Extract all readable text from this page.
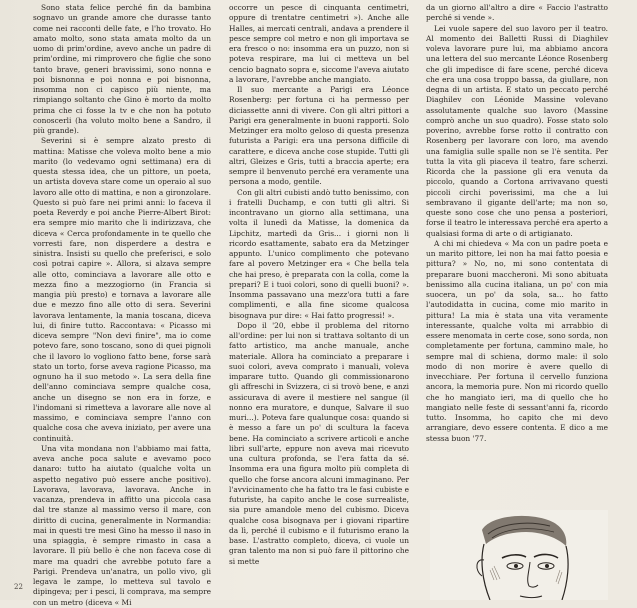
Sono stata felice perché fin da bambina sognavo un grande amore che durasse tanto come nei racconti delle fate, e l'ho trovato. Ho amato molto, sono stata amata molto da un uomo di prim'ordine, avevo anche un padre di prim'ordine, mi rimprovero che figlie che sono tanto brave, generi bravissimi, sono nonna e poi bisnonna e poi nonna e poi bisnonna, insomma non ci capisco più niente, ma rimpiango soltanto che Gino è morto da molto prima che ci fosse la tv e che non ha potuto conoscerli (ha voluto molto bene a Sandro, il più grande).

Severini si è sempre alzato presto di mattina: Matisse che voleva molto bene a mio marito (lo vedevamo ogni settimana) era di questa stessa idea, che un pittore, un poeta, un artista doveva stare come un operaio al suo lavoro alle otto di mattina, e non a gironzolare. Questo si può fare nei primi anni: lo faceva il poeta Reverdy e poi anche Pierre-Albert Birot: era sempre mio marito che li indirizzava, che diceva « Cerca profondamente in te quello che vorresti fare, non disperdere a destra e sinistra. Insisti su quello che preferisci, e solo così potrai capire ». Allora, si alzava sempre alle otto, cominciava a lavorare alle otto e mezza fino a mezzogiorno (in Francia si mangia più presto) e tornava a lavorare alle due e mezzo fino alle otto di sera. Severini lavorava lentamente, la mania toscana, diceva lui, di finire tutto. Raccontava: « Picasso mi diceva sempre "Non devi finire", ma io come potevo fare, sono toscano, sono di quei pignoli che il lavoro lo vogliono fatto bene, forse sarà stato un torto, forse aveva ragione Picasso, ma ognuno ha il suo metodo ». La sera della fine dell'anno cominciava sempre qualche cosa, anche un disegno se non era in forze, e l'indomani si rimetteva a lavorare alle nove al massimo, e cominciava sempre l'anno con qualche cosa che aveva iniziato, per avere una continuità.

Una vita mondana non l'abbiamo mai fatta, aveva anche poca salute e avevamo poco danaro: tutto ha aiutato (qualche volta un aspetto negativo può essere anche positivo). Lavorava, lavorava, lavorava. Anche in vacanza, prendeva in affitto una piccola casa dal tre stanze al massimo verso il mare, con diritto di cucina, generalmente in Normandia: mai in questi tre mesi Gino ha messo il naso in una spiaggia, è sempre rimasto in casa a lavorare. Il più bello è che non faceva cose di mare ma quadri che avrebbe potuto fare a Parigi. Prendeva un'anatra, un pollo vivo, gli legava le zampe, lo metteva sul tavolo e dipingeva; per i pesci, li comprava, ma sempre con un metro (diceva « Mi

occorre un pesce di cinquanta centimetri, oppure di trentatre centimetri »). Anche alle Halles, ai mercati centrali, andava a prendere il pesce sempre col metro e non gli importava se era fresco o no: insomma era un puzzo, non si poteva respirare, ma lui ci metteva un bel cencio bagnato sopra e, siccome l'aveva aiutato a lavorare, l'avrebbe anche mangiato.

Il suo mercante a Parigi era Léonce Rosenberg: per fortuna ci ha permesso per diciassette anni di vivere. Con gli altri pittori a Parigi era generalmente in buoni rapporti. Solo Metzinger era molto geloso di questa presenza futurista a Parigi: era una persona difficile di carattere, e diceva anche cose stupide. Tutti gli altri, Gleizes e Gris, tutti a braccia aperte; era sempre il benvenuto perché era veramente una persona a modo, gentile.

Con gli altri cubisti andò tutto benissimo, con i fratelli Duchamp, e con tutti gli altri. Si incontravano un giorno alla settimana, una volta il lunedì da Matisse, la domenica da Lipchitz, martedì da Gris... i giorni non li ricordo esattamente, sabato era da Metzinger appunto. L'unico complimento che potevano fare al povero Metzinger era « Che bella tela che hai preso, è preparata con la colla, come la prepari? E i tuoi colori, sono di quelli buoni? ». Insomma passavano una mezz'ora tutti a fare complimenti, e alla fine sicome qualcosa bisognava pur dire: « Hai fatto progressi! ».

Dopo il '20, ebbe il problema del ritorno all'ordine: per lui non si trattava soltanto di un fatto artistico, ma anche manuale, anche materiale. Allora ha cominciato a preparare i suoi colori, aveva comprato i manuali, voleva imparare tutto. Quando gli commissionarono gli affreschi in Svizzera, ci si trovò bene, e anzi assicurava di avere il mestiere nel sangue (il nonno era muratore, e dunque, Salvare il suo muri...). Poteva fare qualunque cosa: quando si è messo a fare un po' di scultura la faceva bene. Ha cominciato a scrivere articoli e anche libri sull'arte, eppure non aveva mai ricevuto una cultura profonda, se l'era fatta da sé. Insomma era una figura molto più completa di quello che forse ancora alcuni immaginano. Per l'avvicinamento che ha fatto tra le fasi cubiste e futuriste, ha capito anche le cose surrealiste, sia pure amandole meno del cubismo. Diceva qualche cosa bisognava per i giovani ripartire da lì, perché il cubismo e il futurismo erano la base. L'astratto completo, diceva, ci vuole un gran talento ma non si può fare il pittorino che si mette

da un giorno all'altro a dire « Faccio l'astratto perché si vende ».

Lei vuole sapere del suo lavoro per il teatro. Al momento dei Balletti Russi di Diaghilev voleva lavorare pure lui, ma abbiamo ancora una lettera del suo mercante Léonce Rosenberg che gli impedisce di fare scene, perché diceva che era una cosa troppo bassa, da giullare, non degna di un artista. E stato un peccato perché Diaghilev con Léonide Massine volevano assolutamente qualche suo lavoro (Massine comprò anche un suo quadro). Fosse stato solo poverino, avrebbe forse rotto il contratto con Rosenberg per lavorare con loro, ma avendo una famiglia sulle spalle non se l'è sentita. Per tutta la vita gli piaceva il teatro, fare scherzi. Ricorda che la passione gli era venuta da piccolo, quando a Cortona arrivavano questi piccoli circhi poverissimi, ma che a lui sembravano il gigante dell'arte; ma non so, queste sono cose che uno pensa a posteriori, forse il teatro le interessava perché era aperto a qualsiasi forma di arte o di artigianato.

A chi mi chiedeva « Ma con un padre poeta e un marito pittore, lei non ha mai fatto poesia e pittura? » No, no, mi sono contentata di preparare buoni maccheroni. Mi sono abituata benissimo alla cucina italiana, un po' con mia suocera, un po' da sola, sa... ho fatto l'autodidatta in cucina, come mio marito in pittura! La mia è stata una vita veramente interessante, qualche volta mi arrabbio di essere menomata in certe cose, sono sorda, non completamente per fortuna, cammino male, ho sempre mal di schiena, dormo male: il solo modo di non morire è avere quello di invecchiare. Per fortuna il cervello funziona ancora, la memoria pure. Non mi ricordo quello che ho mangiato ieri, ma di quello che ho mangiato nelle feste di sessant'anni fa, ricordo tutto. Insomma, ho capito che mi devo arrangiare, devo essere contenta. E dico a me stessa buon '77.

22
